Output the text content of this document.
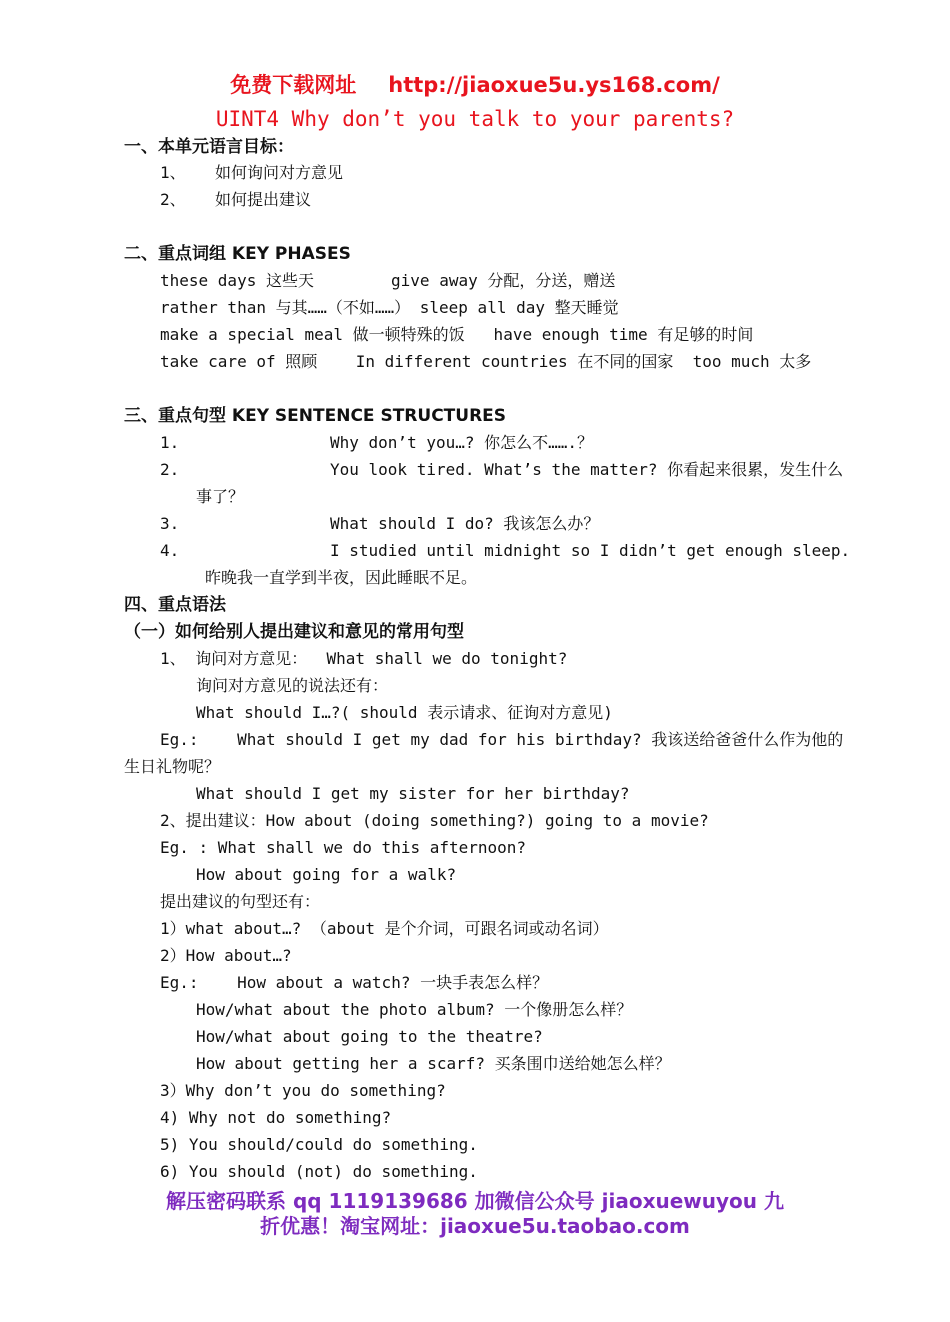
免费下载网址 http://jiaoxue5u.ys168.com/
UINT4 Why don’t you talk to your parents?
一、本单元语言目标：
1、 如何询问对方意见
2、 如何提出建议
二、重点词组 KEY PHASES
these days 这些天        give away 分配，分送，赠送
rather than 与其……（不如……） sleep all day 整天睡觉
make a special meal 做一顿特殊的饭   have enough time 有足够的时间
take care of 照顾    In different countries 在不同的国家  too much 太多
三、重点句型 KEY SENTENCE STRUCTURES
1.	Why don’t you…? 你怎么不…….？
2.	You look tired. What’s the matter? 你看起来很累，发生什么
事了？
3.	What should I do? 我该怎么办？
4.	I studied until midnight so I didn’t get enough sleep.
昨晚我一直学到半夜，因此睡眠不足。
四、重点语法
（一）如何给别人提出建议和意见的常用句型
1、 询问对方意见：  What shall we do tonight?
询问对方意见的说法还有：
What should I…?( should 表示请求、征询对方意见)
Eg.:    What should I get my dad for his birthday? 我该送给爸爸什么作为他的
生日礼物呢？
What should I get my sister for her birthday?
2、提出建议：How about (doing something?) going to a movie?
Eg. : What shall we do this afternoon?
How about going for a walk?
提出建议的句型还有：
1）what about…? （about 是个介词，可跟名词或动名词）
2）How about…?
Eg.:    How about a watch? 一块手表怎么样？
How/what about the photo album? 一个像册怎么样？
How/what about going to the theatre?
How about getting her a scarf? 买条围巾送给她怎么样？
3）Why don’t you do something?
4) Why not do something?
5) You should/could do something.
6) You should (not) do something.
解压密码联系 qq 1119139686 加微信公众号 jiaoxuewuyou 九
折优惠！淘宝网址：jiaoxue5u.taobao.com
